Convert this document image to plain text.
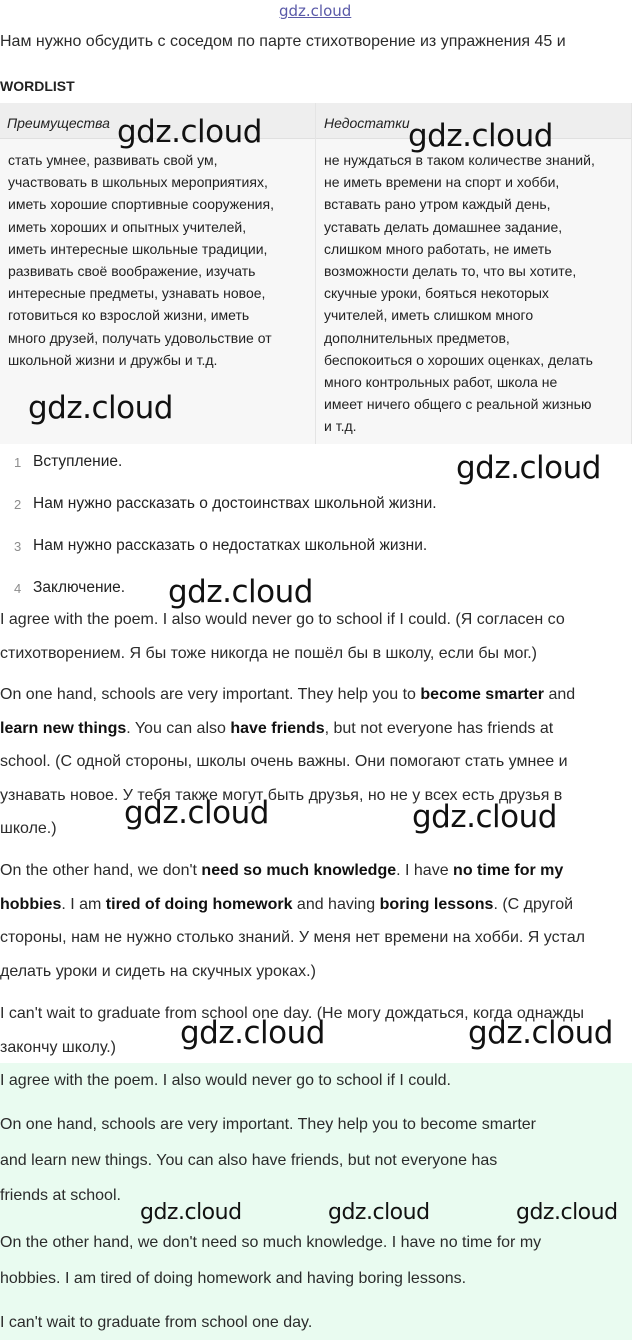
gdz.cloud
Нам нужно обсудить с соседом по парте стихотворение из упражнения 45 и
WORDLIST
Преимущества
стать умнее, развивать свой ум,
участвовать в школьных мероприятиях,
иметь хорошие спортивные сооружения,
иметь хороших и опытных учителей,
иметь интересные школьные традиции,
развивать своё воображение, изучать
интересные предметы, узнавать новое,
готовиться ко взрослой жизни, иметь
много друзей, получать удовольствие от
школьной жизни и дружбы и т.д.
Недостатки
не нуждаться в таком количестве знаний,
не иметь времени на спорт и хобби,
вставать рано утром каждый день,
уставать делать домашнее задание,
слишком много работать, не иметь
возможности делать то, что вы хотите,
скучные уроки, бояться некоторых
учителей, иметь слишком много
дополнительных предметов,
беспокоиться о хороших оценках, делать
много контрольных работ, школа не
имеет ничего общего с реальной жизнью
и т.д.
1 Вступление.
2 Нам нужно рассказать о достоинствах школьной жизни.
3 Нам нужно рассказать о недостатках школьной жизни.
4 Заключение.
I agree with the poem. I also would never go to school if I could. (Я согласен со
стихотворением. Я бы тоже никогда не пошёл бы в школу, если бы мог.)
On one hand, schools are very important. They help you to become smarter and
learn new things. You can also have friends, but not everyone has friends at
school. (С одной стороны, школы очень важны. Они помогают стать умнее и
узнавать новое. У тебя также могут быть друзья, но не у всех есть друзья в
школе.)
On the other hand, we don't need so much knowledge. I have no time for my
hobbies. I am tired of doing homework and having boring lessons. (С другой
стороны, нам не нужно столько знаний. У меня нет времени на хобби. Я устал
делать уроки и сидеть на скучных уроках.)
I can't wait to graduate from school one day. (Не могу дождаться, когда однажды
закончу школу.)
I agree with the poem. I also would never go to school if I could.
On one hand, schools are very important. They help you to become smarter
and learn new things. You can also have friends, but not everyone has
friends at school.
On the other hand, we don't need so much knowledge. I have no time for my
hobbies. I am tired of doing homework and having boring lessons.
I can't wait to graduate from school one day.
gdz.cloud	gdz.cloud
gdz.cloud
gdz.cloud
gdz.cloud
gdz.cloud	gdz.cloud
gdz.cloud	gdz.cloud
gdz.cloud	gdz.cloud	gdz.cloud
